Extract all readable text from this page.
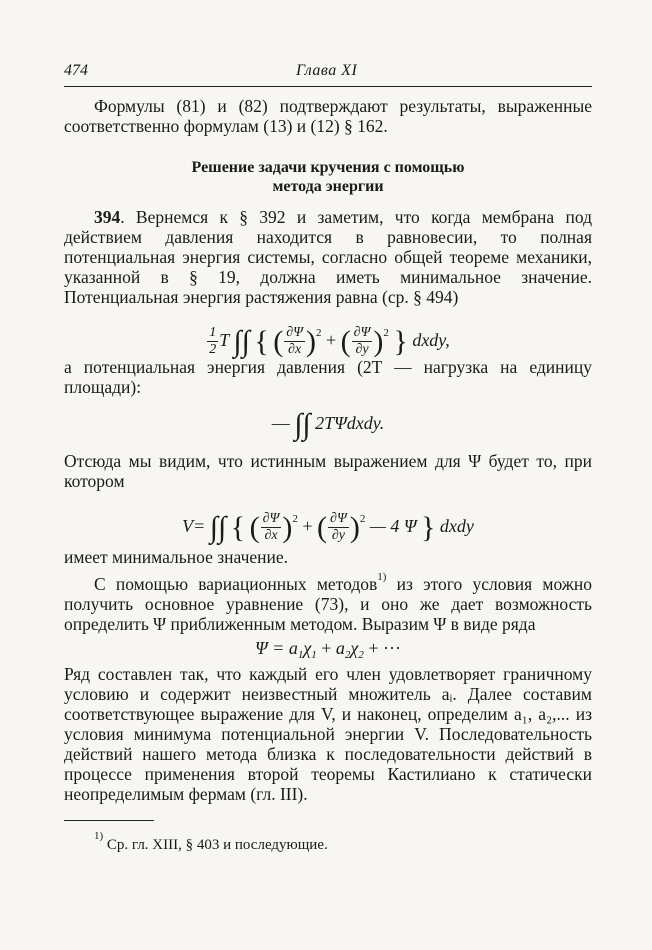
474	Глава XI

Формулы (81) и (82) подтверждают результаты, выраженные соответственно формулам (13) и (12) § 162.

Решение задачи кручения с помощью
метода энергии

394. Вернемся к § 392 и заметим, что когда мембрана под действием давления находится в равновесии, то полная потенциальная энергия системы, согласно общей теореме механики, указанной в § 19, должна иметь минимальное значение. Потенциальная энергия растяжения равна (ср. § 494)

$\frac{1}{2}$ T ∫∫ { ( $\frac{\partial\Psi}{\partial x} )^2$ + ( $\frac{\partial\Psi}{\partial y} )^2$ } dxdy,

а потенциальная энергия давления (2T — нагрузка на единицу площади):

— ∫∫ 2TΨdxdy.

Отсюда мы видим, что истинным выражением для Ψ будет то, при котором

V= ∫∫ { ( $\frac{\partial\Psi}{\partial x} )^2$ + ( $\frac{\partial\Psi}{\partial y} )^2$ — 4 Ψ } dxdy

имеет минимальное значение.

С помощью вариационных методов$^{1)}$ из этого условия можно получить основное уравнение (73), и оно же дает возможность определить Ψ приближенным методом. Выразим Ψ в виде ряда

$\Psi = a_1\chi_1 + a_2\chi_2$ + ···

Ряд составлен так, что каждый его член удовлетворяет граничному условию и содержит неизвестный множитель aᵢ. Далее составим соответствующее выражение для V, и наконец, определим a₁, a₂,... из условия минимума потенциальной энергии V. Последовательность действий нашего метода близка к последовательности действий в процессе применения второй теоремы Кастилиано к статически неопределимым фермам (гл. III).

$^{1)}$ Ср. гл. XIII, § 403 и последующие.
